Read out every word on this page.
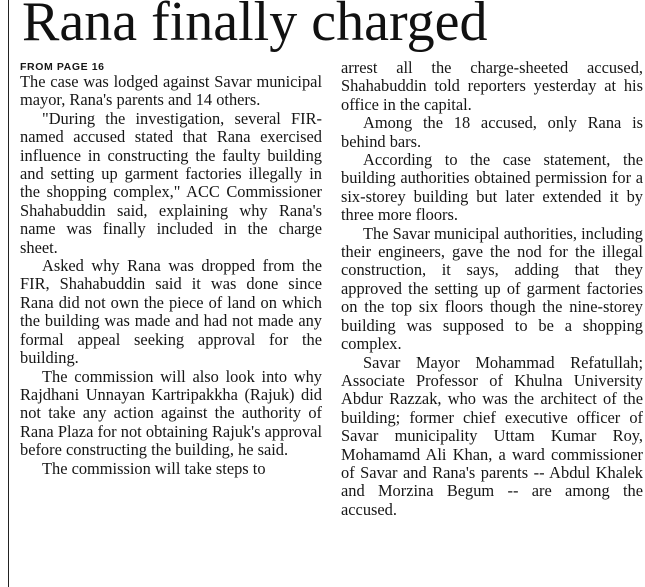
Rana finally charged
FROM PAGE 16

The case was lodged against Savar municipal mayor, Rana's parents and 14 others.

"During the investigation, several FIR-named accused stated that Rana exercised influence in constructing the faulty building and setting up garment factories illegally in the shopping complex," ACC Commissioner Shahabuddin said, explaining why Rana's name was finally included in the charge sheet.

Asked why Rana was dropped from the FIR, Shahabuddin said it was done since Rana did not own the piece of land on which the building was made and had not made any formal appeal seeking approval for the building.

The commission will also look into why Rajdhani Unnayan Kartripakkha (Rajuk) did not take any action against the authority of Rana Plaza for not obtaining Rajuk's approval before constructing the building, he said.

The commission will take steps to

arrest all the charge-sheeted accused, Shahabuddin told reporters yesterday at his office in the capital.

Among the 18 accused, only Rana is behind bars.

According to the case statement, the building authorities obtained permission for a six-storey building but later extended it by three more floors.

The Savar municipal authorities, including their engineers, gave the nod for the illegal construction, it says, adding that they approved the setting up of garment factories on the top six floors though the nine-storey building was supposed to be a shopping complex.

Savar Mayor Mohammad Refatullah; Associate Professor of Khulna University Abdur Razzak, who was the architect of the building; former chief executive officer of Savar municipality Uttam Kumar Roy, Mohamamd Ali Khan, a ward commissioner of Savar and Rana's parents -- Abdul Khalek and Morzina Begum -- are among the accused.
